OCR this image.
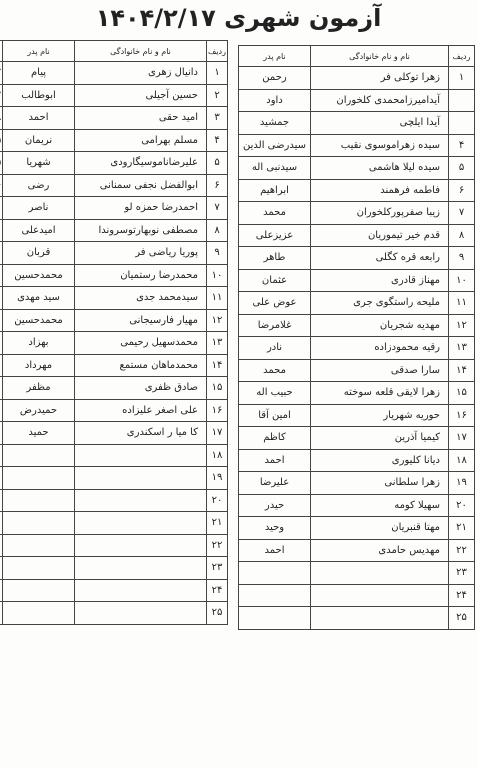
آزمون شهری ۱۴۰۴/۲/۱۷
ردیف	نام و نام خانوادگی	نام پدر
۱	زهرا توکلی فر	رحمن
	آیدامیرزامحمدی کلخوران	داود
	آیدا ایلچی	جمشید
۴	سیده زهراموسوی نقیب	سیدرضی الدین
۵	سیده لیلا هاشمی	سیدنبی اله
۶	فاطمه فرهمند	ابراهیم
۷	زیبا صفرپورکلخوران	محمد
۸	قدم خیر تیموریان	عزیزعلی
۹	رابعه قره کگلی	طاهر
۱۰	مهناز قادری	عثمان
۱۱	ملیحه راستگوی جری	عوض علی
۱۲	مهدیه شجریان	غلامرضا
۱۳	رقیه محمودزاده	نادر
۱۴	سارا صدقی	محمد
۱۵	زهرا لایقی قلعه سوخته	حبیب اله
۱۶	حوریه شهریار	امین آقا
۱۷	کیمیا آذرین	کاظم
۱۸	دیانا کلیوری	احمد
۱۹	زهرا سلطانی	علیرضا
۲۰	سهیلا کومه	حیدر
۲۱	مهتا قنبریان	وحید
۲۲	مهدیس حامدی	احمد
۲۳		
۲۴		
۲۵		
ردیف	نام و نام خانوادگی	نام پدر	
۱	دانیال زهری	پیام	
۲	حسین آجیلی	ابوطالب	
۳	امید حقی	احمد	
۴	مسلم بهرامی	نریمان	
۵	علیرضاناموسیگارودی	شهریا	
۶	ابوالفضل نجفی سمنانی	رضی	
۷	احمدرضا حمزه لو	ناصر	
۸	مصطفی نوبهارتوسروندا	امیدعلی	
۹	پوریا ریاضی فر	قربان	
۱۰	محمدرضا رستمیان	محمدحسین	
۱۱	سیدمحمد جدی	سید مهدی	
۱۲	مهیار فارسیجانی	محمدحسین	
۱۳	محمدسهیل رحیمی	بهزاد	
۱۴	محمدماهان مستمع	مهرداد	
۱۵	صادق ظفری	مظفر	
۱۶	علی اصغر علیزاده	حمیدرض	
۱۷	کا میا ر اسکندری	حمید	
۱۸			
۱۹			
۲۰			
۲۱			
۲۲			
۲۳			
۲۴			
۲۵			
